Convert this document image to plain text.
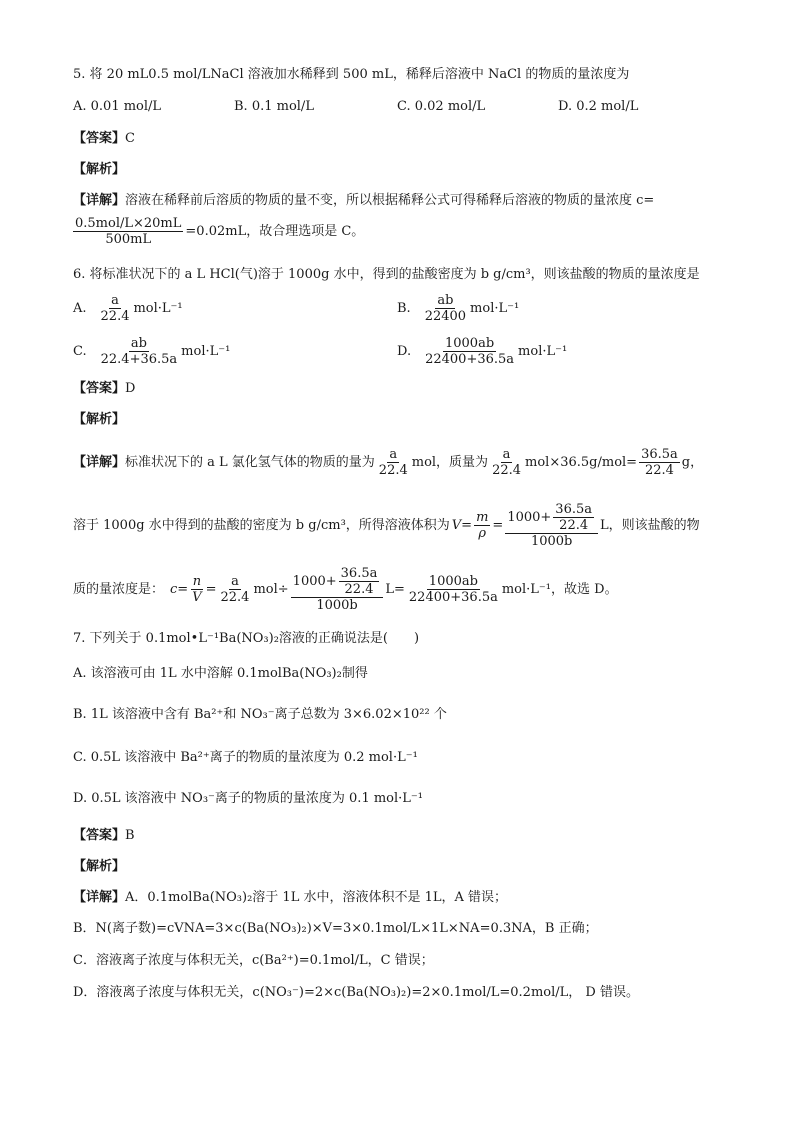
5. 将 20 mL0.5 mol/LNaCl 溶液加水稀释到 500 mL，稀释后溶液中 NaCl 的物质的量浓度为
A. 0.01 mol/L	B. 0.1 mol/L	C. 0.02 mol/L	D. 0.2 mol/L
【答案】C
【解析】
【详解】溶液在稀释前后溶质的物质的量不变，所以根据稀释公式可得稀释后溶液的物质的量浓度 c=
$\frac{\text{0.5mol/L×20mL}}{500mL} =0.02mL$，故合理选项是 C。
6. 将标准状况下的 a L HCl(气)溶于 1000g 水中，得到的盐酸密度为 b g/cm³，则该盐酸的物质的量浓度是
A. $\frac{a}{22.4} mol\cdot L^{-1}$	B. $\frac{ab}{22400} mol\cdot L^{-1}$
C. $\frac{ab}{22.4+36.5a} mol\cdot L^{-1}$	D. $\frac{1000ab}{22400+36.5a} mol\cdot L^{-1}$
【答案】D
【解析】
【详解】 标准状况下的 a L 氯化氢气体的物质的量为 $\frac{a}{22.4}$ mol，质量为 $\frac{a}{22.4} mol\times 36.5g/mol= \frac{36.5a}{22.4}$ g，
溶于 1000g 水中得到的盐酸的密度为 b g/cm³，所得溶液体积为 $V = \frac{m}{\rho} = \frac{1000+ \frac{36.5a}{22.4}}{1000b}$ L，则该盐酸的物
质的量浓度是： $c = \frac{n}{V} = \frac{a}{22.4} mol\div \frac{1000+ \frac{36.5a}{22.4}}{1000b}$ $L = \frac{1000ab}{22400+36.5a} mol\cdot L^{-1}$，故选 D。
7. 下列关于 0.1mol•L⁻¹Ba(NO₃)₂溶液的正确说法是(　　)
A. 该溶液可由 1L 水中溶解 0.1molBa(NO₃)₂制得
B. 1L 该溶液中含有 Ba²⁺和 NO₃⁻离子总数为 3×6.02×10²² 个
C. 0.5L 该溶液中 Ba²⁺离子的物质的量浓度为 0.2 mol·L⁻¹
D. 0.5L 该溶液中 NO₃⁻离子的物质的量浓度为 0.1 mol·L⁻¹
【答案】B
【解析】
【详解】A．0.1molBa(NO₃)₂溶于 1L 水中，溶液体积不是 1L，A 错误；
B．N(离子数)=cVNA=3×c(Ba(NO₃)₂)×V=3×0.1mol/L×1L×NA=0.3NA，B 正确；
C．溶液离子浓度与体积无关，c(Ba²⁺)=0.1mol/L，C 错误；
D．溶液离子浓度与体积无关，c(NO₃⁻)=2×c(Ba(NO₃)₂)=2×0.1mol/L=0.2mol/L， D 错误。
